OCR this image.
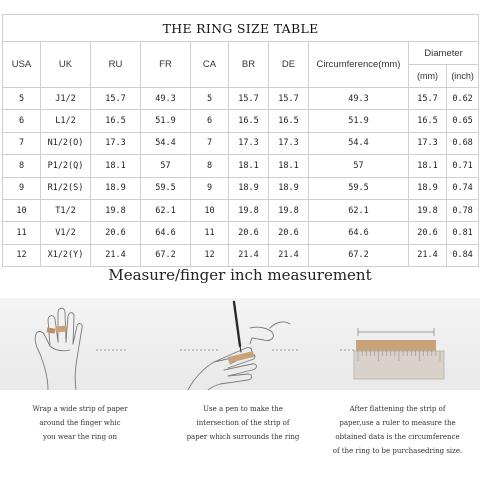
THE RING SIZE TABLE									
USA	UK	RU	FR	CA	BR	DE	Circumference(mm)	Diameter	
								(mm)	(inch)
5	J1/2	15.7	49.3	5	15.7	15.7	49.3	15.7	0.62
6	L1/2	16.5	51.9	6	16.5	16.5	51.9	16.5	0.65
7	N1/2(O)	17.3	54.4	7	17.3	17.3	54.4	17.3	0.68
8	P1/2(Q)	18.1	57	8	18.1	18.1	57	18.1	0.71
9	R1/2(S)	18.9	59.5	9	18.9	18.9	59.5	18.9	0.74
10	T1/2	19.8	62.1	10	19.8	19.8	62.1	19.8	0.78
11	V1/2	20.6	64.6	11	20.6	20.6	64.6	20.6	0.81
12	X1/2(Y)	21.4	67.2	12	21.4	21.4	67.2	21.4	0.84
Measure/finger inch measurement
Wrap a wide strip of paper
around the finger whic
you wear the ring on
Use a pen to make the
intersection of the strip of
paper which surrounds the ring
After flattening the strip of
paper,use a ruler to measure the
obtained data is the circumference
of the ring to be purchasedring size.
